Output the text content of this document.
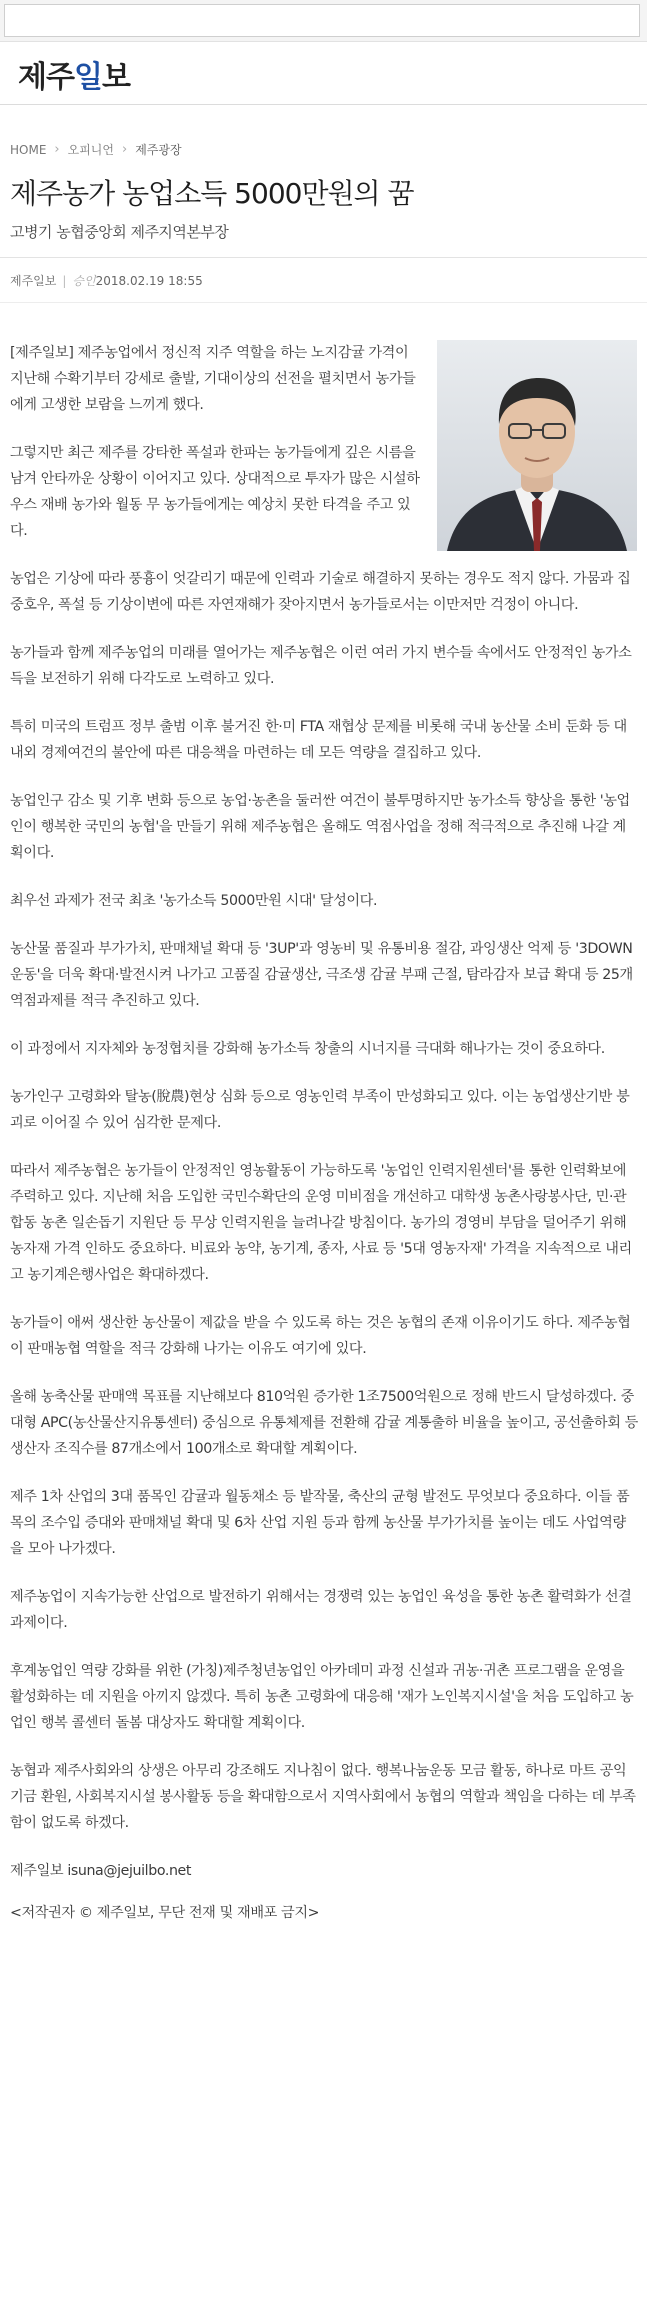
제주일보
HOME › 오피니언 › 제주광장
제주농가 농업소득 5000만원의 꿈
고병기 농협중앙회 제주지역본부장
제주일보 | 승인 2018.02.19 18:55

[제주일보] 제주농업에서 정신적 지주 역할을 하는 노지감귤 가격이 지난해 수확기부터 강세로 출발, 기대이상의 선전을 펼치면서 농가들에게 고생한 보람을 느끼게 했다.

그렇지만 최근 제주를 강타한 폭설과 한파는 농가들에게 깊은 시름을 남겨 안타까운 상황이 이어지고 있다. 상대적으로 투자가 많은 시설하우스 재배 농가와 월동 무 농가들에게는 예상치 못한 타격을 주고 있다.

농업은 기상에 따라 풍흉이 엇갈리기 때문에 인력과 기술로 해결하지 못하는 경우도 적지 않다. 가뭄과 집중호우, 폭설 등 기상이변에 따른 자연재해가 잦아지면서 농가들로서는 이만저만 걱정이 아니다.

농가들과 함께 제주농업의 미래를 열어가는 제주농협은 이런 여러 가지 변수들 속에서도 안정적인 농가소득을 보전하기 위해 다각도로 노력하고 있다.

특히 미국의 트럼프 정부 출범 이후 불거진 한·미 FTA 재협상 문제를 비롯해 국내 농산물 소비 둔화 등 대내외 경제여건의 불안에 따른 대응책을 마련하는 데 모든 역량을 결집하고 있다.

농업인구 감소 및 기후 변화 등으로 농업·농촌을 둘러싼 여건이 불투명하지만 농가소득 향상을 통한 '농업인이 행복한 국민의 농협'을 만들기 위해 제주농협은 올해도 역점사업을 정해 적극적으로 추진해 나갈 계획이다.

최우선 과제가 전국 최초 '농가소득 5000만원 시대' 달성이다.

농산물 품질과 부가가치, 판매채널 확대 등 '3UP'과 영농비 및 유통비용 절감, 과잉생산 억제 등 '3DOWN 운동'을 더욱 확대·발전시켜 나가고 고품질 감귤생산, 극조생 감귤 부패 근절, 탐라감자 보급 확대 등 25개 역점과제를 적극 추진하고 있다.

이 과정에서 지자체와 농정협치를 강화해 농가소득 창출의 시너지를 극대화 해나가는 것이 중요하다.

농가인구 고령화와 탈농(脫農)현상 심화 등으로 영농인력 부족이 만성화되고 있다. 이는 농업생산기반 붕괴로 이어질 수 있어 심각한 문제다.

따라서 제주농협은 농가들이 안정적인 영농활동이 가능하도록 '농업인 인력지원센터'를 통한 인력확보에 주력하고 있다. 지난해 처음 도입한 국민수확단의 운영 미비점을 개선하고 대학생 농촌사랑봉사단, 민·관 합동 농촌 일손돕기 지원단 등 무상 인력지원을 늘려나갈 방침이다. 농가의 경영비 부담을 덜어주기 위해 농자재 가격 인하도 중요하다. 비료와 농약, 농기계, 종자, 사료 등 '5대 영농자재' 가격을 지속적으로 내리고 농기계은행사업은 확대하겠다.

농가들이 애써 생산한 농산물이 제값을 받을 수 있도록 하는 것은 농협의 존재 이유이기도 하다. 제주농협이 판매농협 역할을 적극 강화해 나가는 이유도 여기에 있다.

올해 농축산물 판매액 목표를 지난해보다 810억원 증가한 1조7500억원으로 정해 반드시 달성하겠다. 중대형 APC(농산물산지유통센터) 중심으로 유통체제를 전환해 감귤 계통출하 비율을 높이고, 공선출하회 등 생산자 조직수를 87개소에서 100개소로 확대할 계획이다.

제주 1차 산업의 3대 품목인 감귤과 월동채소 등 밭작물, 축산의 균형 발전도 무엇보다 중요하다. 이들 품목의 조수입 증대와 판매채널 확대 및 6차 산업 지원 등과 함께 농산물 부가가치를 높이는 데도 사업역량을 모아 나가겠다.

제주농업이 지속가능한 산업으로 발전하기 위해서는 경쟁력 있는 농업인 육성을 통한 농촌 활력화가 선결과제이다.

후계농업인 역량 강화를 위한 (가칭)제주청년농업인 아카데미 과정 신설과 귀농·귀촌 프로그램을 운영을 활성화하는 데 지원을 아끼지 않겠다. 특히 농촌 고령화에 대응해 '재가 노인복지시설'을 처음 도입하고 농업인 행복 콜센터 돌봄 대상자도 확대할 계획이다.

농협과 제주사회와의 상생은 아무리 강조해도 지나침이 없다. 행복나눔운동 모금 활동, 하나로 마트 공익기금 환원, 사회복지시설 봉사활동 등을 확대함으로서 지역사회에서 농협의 역할과 책임을 다하는 데 부족함이 없도록 하겠다.

제주일보 isuna@jejuilbo.net

<저작권자 © 제주일보, 무단 전재 및 재배포 금지>
